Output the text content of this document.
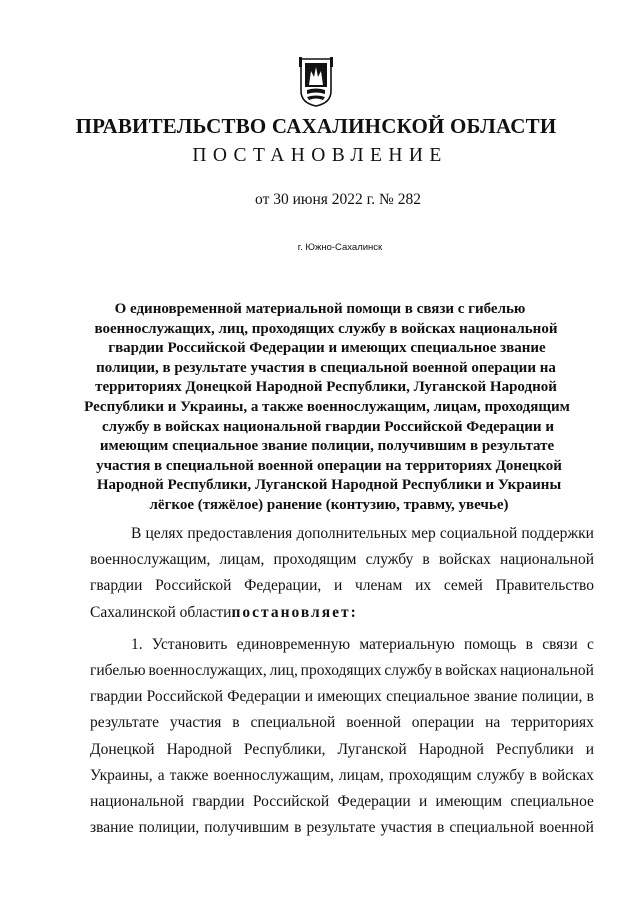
ПРАВИТЕЛЬСТВО САХАЛИНСКОЙ ОБЛАСТИ
ПОСТАНОВЛЕНИЕ
от 30 июня 2022 г. № 282
г. Южно-Сахалинск
О единовременной материальной помощи в связи с гибелью
военнослужащих, лиц, проходящих службу в войсках национальной
гвардии Российской Федерации и имеющих специальное звание
полиции, в результате участия в специальной военной операции на
территориях Донецкой Народной Республики, Луганской Народной
Республики и Украины, а также военнослужащим, лицам, проходящим
службу в войсках национальной гвардии Российской Федерации и
имеющим специальное звание полиции, получившим в результате
участия в специальной военной операции на территориях Донецкой
Народной Республики, Луганской Народной Республики и Украины
лёгкое (тяжёлое) ранение (контузию, травму, увечье)
В целях предоставления дополнительных мер социальной поддержки
военнослужащим, лицам, проходящим службу в войсках национальной
гвардии Российской Федерации, и членам их семей Правительство
Сахалинской области постановляет:
1. Установить единовременную материальную помощь в связи с
гибелью военнослужащих, лиц, проходящих службу в войсках национальной
гвардии Российской Федерации и имеющих специальное звание полиции, в
результате участия в специальной военной операции на территориях
Донецкой Народной Республики, Луганской Народной Республики и
Украины, а также военнослужащим, лицам, проходящим службу в войсках
национальной гвардии Российской Федерации и имеющим специальное
звание полиции, получившим в результате участия в специальной военной
